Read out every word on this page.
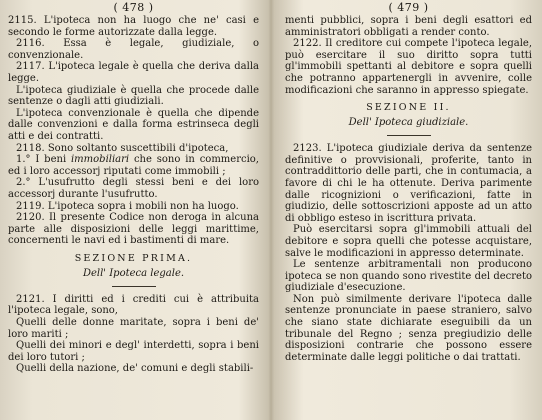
( 478 )

2115. L'ipoteca non ha luogo che ne' casi e secondo le forme autorizzate dalla legge.

2116. Essa è legale, giudiziale, o convenzionale.

2117. L'ipoteca legale è quella che deriva dalla legge.

L'ipoteca giudiziale è quella che procede dalle sentenze o dagli atti giudiziali.

L'ipoteca convenzionale è quella che dipende dalle convenzioni e dalla forma estrinseca degli atti e dei contratti.

2118. Sono soltanto suscettibili d'ipoteca,

1.° I beni immobiliari che sono in commercio, ed i loro accessorj riputati come immobili ;

2.° L'usufrutto degli stessi beni e dei loro accessorj durante l'usufrutto.

2119. L'ipoteca sopra i mobili non ha luogo.

2120. Il presente Codice non deroga in alcuna parte alle disposizioni delle leggi marittime, concernenti le navi ed i bastimenti di mare.

SEZIONE PRIMA.
Dell' Ipoteca legale.

2121. I diritti ed i crediti cui è attribuita l'ipoteca legale, sono,

Quelli delle donne maritate, sopra i beni de' loro mariti ;

Quelli dei minori e degl' interdetti, sopra i beni dei loro tutori ;

Quelli della nazione, de' comuni e degli stabili-

( 479 )

menti pubblici, sopra i beni degli esattori ed amministratori obbligati a render conto.

2122. Il creditore cui compete l'ipoteca legale, può esercitare il suo diritto sopra tutti gl'immobili spettanti al debitore e sopra quelli che potranno appartenergli in avvenire, colle modificazioni che saranno in appresso spiegate.

SEZIONE II.
Dell' Ipoteca giudiziale.

2123. L'ipoteca giudiziale deriva da sentenze definitive o provvisionali, proferite, tanto in contraddittorio delle parti, che in contumacia, a favore di chi le ha ottenute. Deriva parimente dalle ricognizioni o verificazioni, fatte in giudizio, delle sottoscrizioni apposte ad un atto di obbligo esteso in iscrittura privata.

Può esercitarsi sopra gl'immobili attuali del debitore e sopra quelli che potesse acquistare, salve le modificazioni in appresso determinate.

Le sentenze arbitramentali non producono ipoteca se non quando sono rivestite del decreto giudiziale d'esecuzione.

Non può similmente derivare l'ipoteca dalle sentenze pronunciate in paese straniero, salvo che siano state dichiarate eseguibili da un tribunale del Regno ; senza pregiudizio delle disposizioni contrarie che possono essere determinate dalle leggi politiche o dai trattati.
